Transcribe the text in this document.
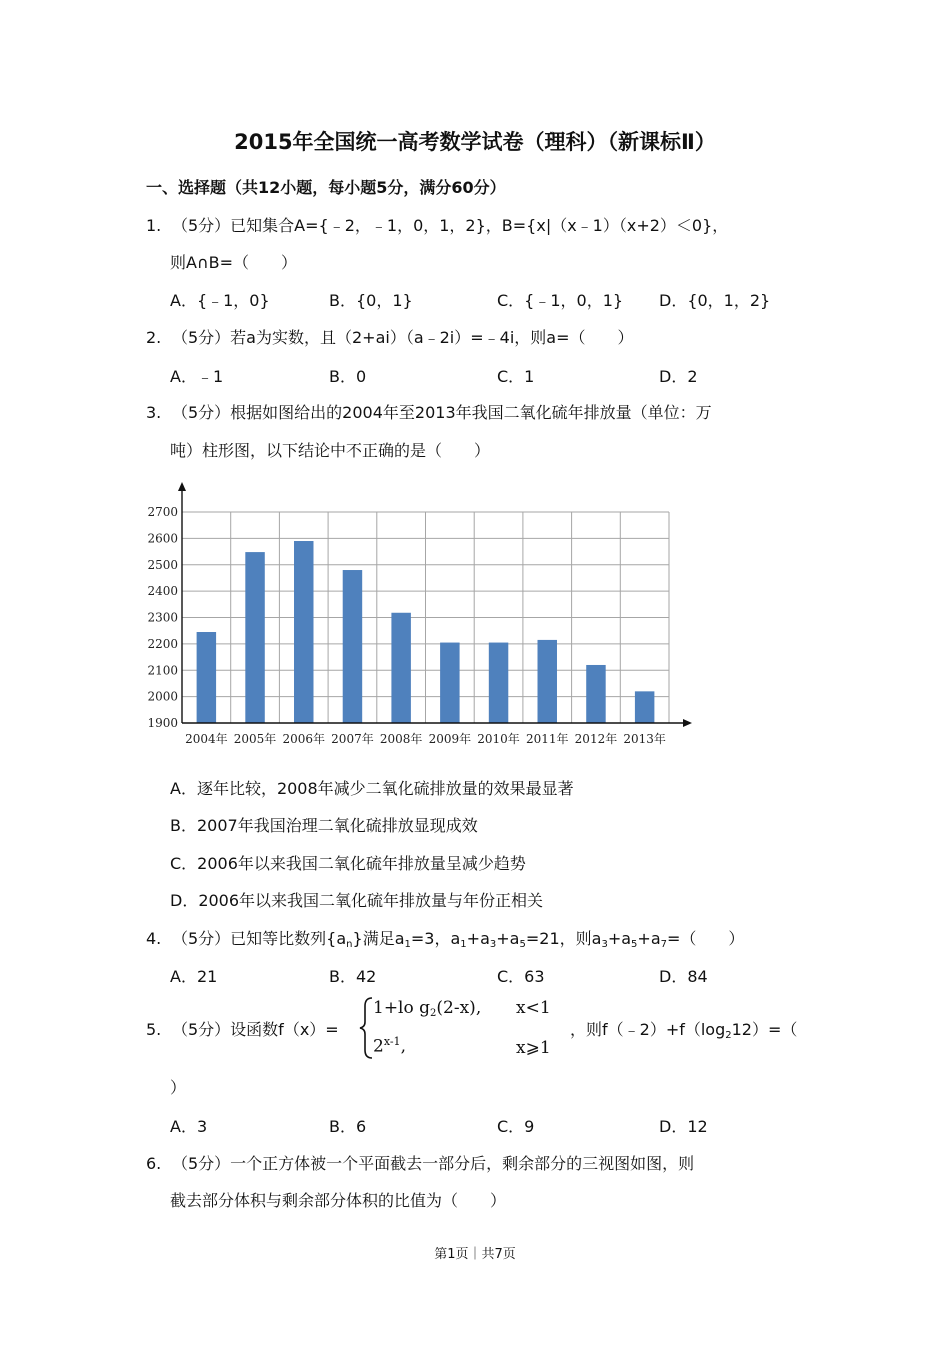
2015年全国统一高考数学试卷（理科）（新课标Ⅱ）
一、选择题（共12小题，每小题5分，满分60分）
1. （5分）已知集合A={﹣2，﹣1，0，1，2}，B={x|（x﹣1）（x+2）＜0}，
则A∩B=（　　）
A．{﹣1，0}	B．{0，1}	C．{﹣1，0，1} D．{0，1，2}
2. （5分）若a为实数，且（2+ai）（a﹣2i）=﹣4i，则a=（　　）
A．﹣1	B．0	C．1	D．2
3. （5分）根据如图给出的2004年至2013年我国二氧化硫年排放量（单位：万
吨）柱形图，以下结论中不正确的是（　　）
1900
2000
2100
2200
2300
2400
2500
2600
2700
2004年 2005年 2006年 2007年 2008年 2009年 2010年 2011年 2012年 2013年
A．逐年比较，2008年减少二氧化硫排放量的效果最显著
B．2007年我国治理二氧化硫排放显现成效
C．2006年以来我国二氧化硫年排放量呈减少趋势
D．2006年以来我国二氧化硫年排放量与年份正相关
4. （5分）已知等比数列$\{a_n\}$满足$a_1=3$，$a_1+a_3+a_5=21$，则$a_3+a_5+a_7=$（　　）
A．21	B．42	C．63	D．84
5. （5分）设函数f（x）=
1+lo $g_2(2-x)$, x<1
2$^{x-1}$,	x⩾1
，则$f(﹣2)+f(\log_212)=$（
）
A．3	B．6	C．9	D．12
6. （5分）一个正方体被一个平面截去一部分后，剩余部分的三视图如图，则
截去部分体积与剩余部分体积的比值为（　　）
第1页｜共7页
